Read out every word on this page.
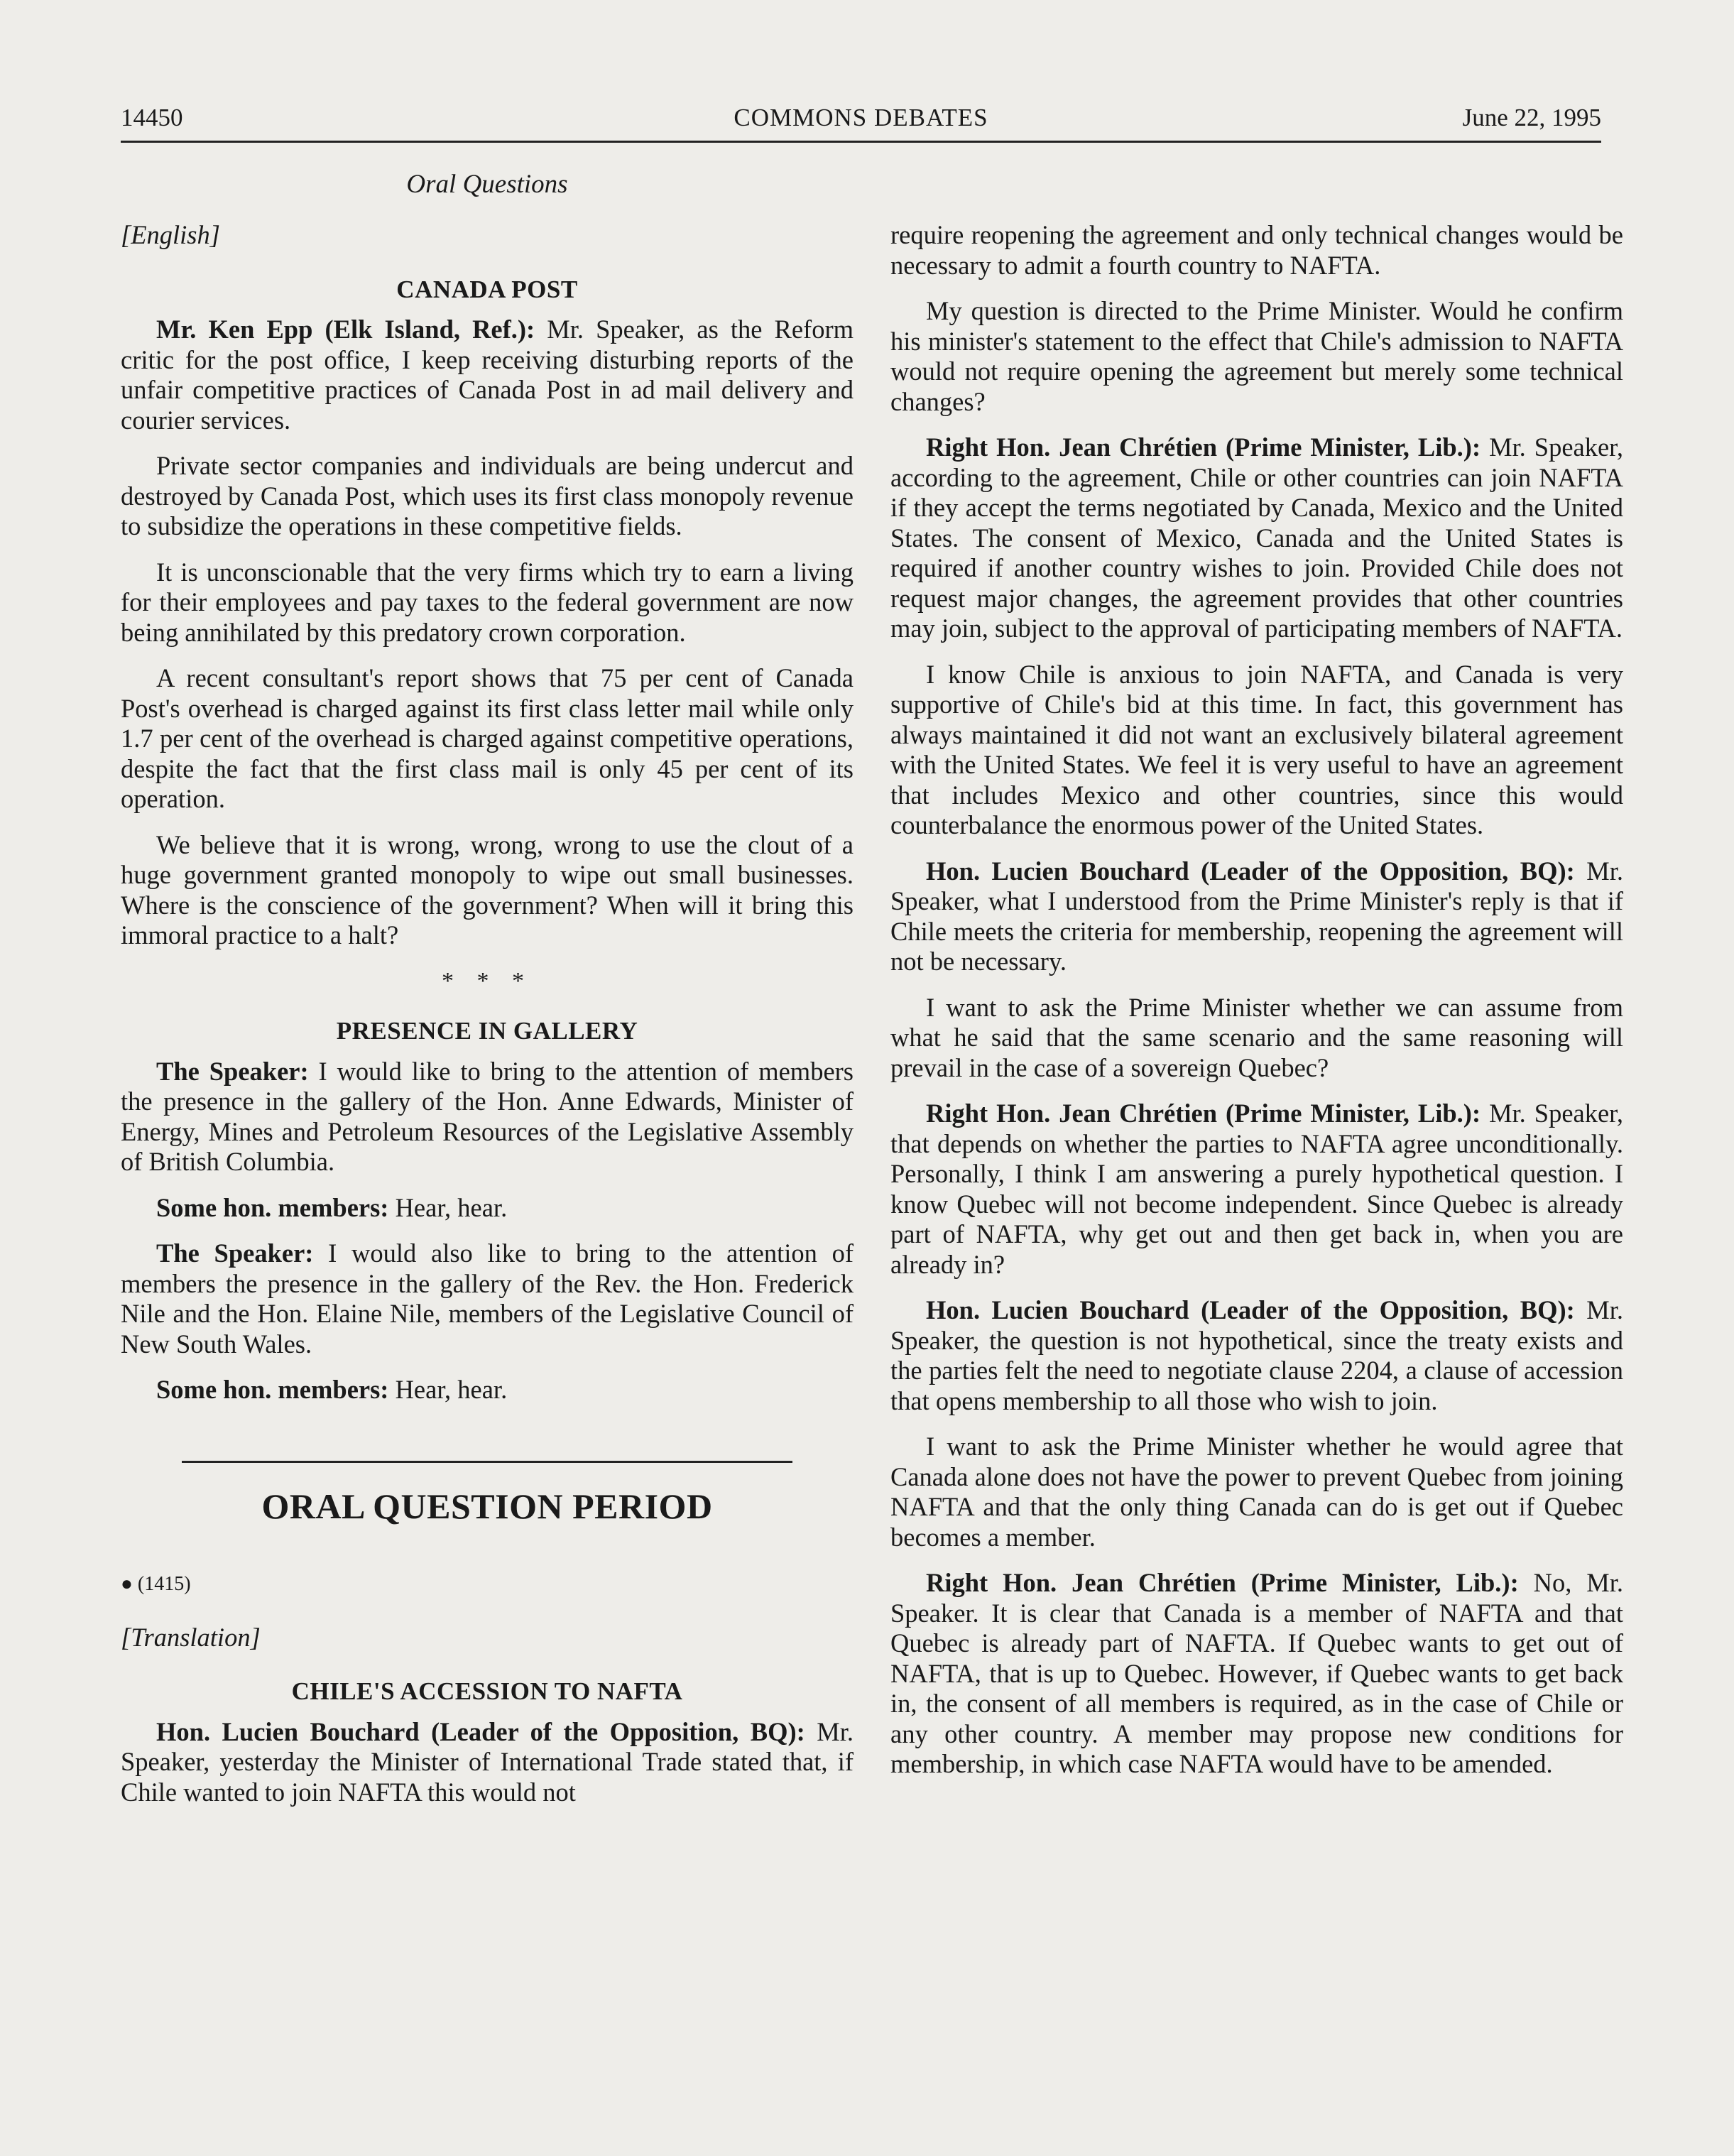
14450	COMMONS DEBATES	June 22, 1995
Oral Questions
[English]
CANADA POST

Mr. Ken Epp (Elk Island, Ref.): Mr. Speaker, as the Reform critic for the post office, I keep receiving disturbing reports of the unfair competitive practices of Canada Post in ad mail delivery and courier services.

Private sector companies and individuals are being undercut and destroyed by Canada Post, which uses its first class monopoly revenue to subsidize the operations in these competitive fields.

It is unconscionable that the very firms which try to earn a living for their employees and pay taxes to the federal government are now being annihilated by this predatory crown corporation.

A recent consultant's report shows that 75 per cent of Canada Post's overhead is charged against its first class letter mail while only 1.7 per cent of the overhead is charged against competitive operations, despite the fact that the first class mail is only 45 per cent of its operation.

We believe that it is wrong, wrong, wrong to use the clout of a huge government granted monopoly to wipe out small businesses. Where is the conscience of the government? When will it bring this immoral practice to a halt?

* * *
PRESENCE IN GALLERY

The Speaker: I would like to bring to the attention of members the presence in the gallery of the Hon. Anne Edwards, Minister of Energy, Mines and Petroleum Resources of the Legislative Assembly of British Columbia.

Some hon. members: Hear, hear.

The Speaker: I would also like to bring to the attention of members the presence in the gallery of the Rev. the Hon. Frederick Nile and the Hon. Elaine Nile, members of the Legislative Council of New South Wales.

Some hon. members: Hear, hear.

ORAL QUESTION PERIOD
● (1415)
[Translation]
CHILE'S ACCESSION TO NAFTA

Hon. Lucien Bouchard (Leader of the Opposition, BQ): Mr. Speaker, yesterday the Minister of International Trade stated that, if Chile wanted to join NAFTA this would not

require reopening the agreement and only technical changes would be necessary to admit a fourth country to NAFTA.

My question is directed to the Prime Minister. Would he confirm his minister's statement to the effect that Chile's admission to NAFTA would not require opening the agreement but merely some technical changes?

Right Hon. Jean Chrétien (Prime Minister, Lib.): Mr. Speaker, according to the agreement, Chile or other countries can join NAFTA if they accept the terms negotiated by Canada, Mexico and the United States. The consent of Mexico, Canada and the United States is required if another country wishes to join. Provided Chile does not request major changes, the agreement provides that other countries may join, subject to the approval of participating members of NAFTA.

I know Chile is anxious to join NAFTA, and Canada is very supportive of Chile's bid at this time. In fact, this government has always maintained it did not want an exclusively bilateral agreement with the United States. We feel it is very useful to have an agreement that includes Mexico and other countries, since this would counterbalance the enormous power of the United States.

Hon. Lucien Bouchard (Leader of the Opposition, BQ): Mr. Speaker, what I understood from the Prime Minister's reply is that if Chile meets the criteria for membership, reopening the agreement will not be necessary.

I want to ask the Prime Minister whether we can assume from what he said that the same scenario and the same reasoning will prevail in the case of a sovereign Quebec?

Right Hon. Jean Chrétien (Prime Minister, Lib.): Mr. Speaker, that depends on whether the parties to NAFTA agree unconditionally. Personally, I think I am answering a purely hypothetical question. I know Quebec will not become independent. Since Quebec is already part of NAFTA, why get out and then get back in, when you are already in?

Hon. Lucien Bouchard (Leader of the Opposition, BQ): Mr. Speaker, the question is not hypothetical, since the treaty exists and the parties felt the need to negotiate clause 2204, a clause of accession that opens membership to all those who wish to join.

I want to ask the Prime Minister whether he would agree that Canada alone does not have the power to prevent Quebec from joining NAFTA and that the only thing Canada can do is get out if Quebec becomes a member.

Right Hon. Jean Chrétien (Prime Minister, Lib.): No, Mr. Speaker. It is clear that Canada is a member of NAFTA and that Quebec is already part of NAFTA. If Quebec wants to get out of NAFTA, that is up to Quebec. However, if Quebec wants to get back in, the consent of all members is required, as in the case of Chile or any other country. A member may propose new conditions for membership, in which case NAFTA would have to be amended.
